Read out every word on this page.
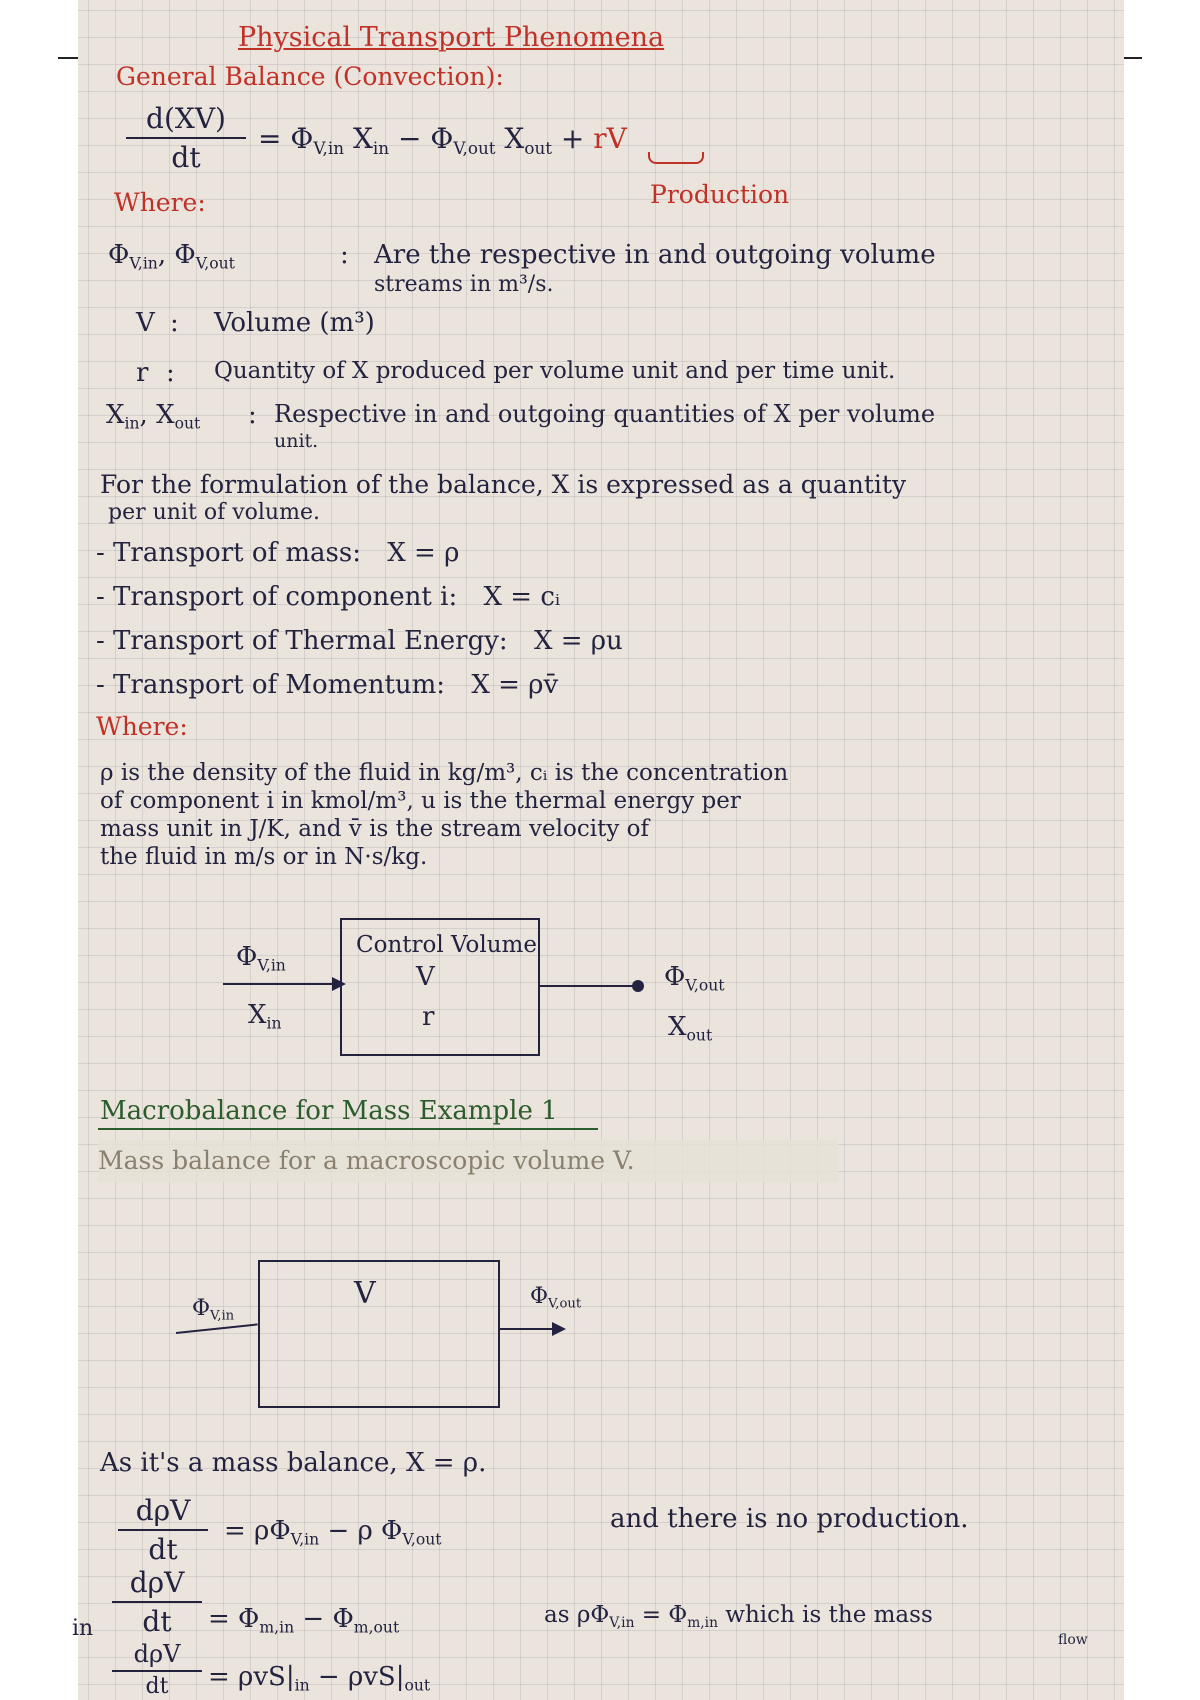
Physical Transport Phenomena
General Balance (Convection):
d(XV)
dt
= $\Phi_{V,in}$ $X_{in} - \Phi_{V,out}$ $X_{out}$ + rV
Production
Where:
$\Phi_{V,in}$, $\Phi_{V,out}$	: Are the respective in and outgoing volume
streams in m³/s.
V : Volume (m³)
r : Quantity of X produced per volume unit and per time unit.
$X_{in}$, $X_{out}$ : Respective in and outgoing quantities of X per volume
unit.
For the formulation of the balance, X is expressed as a quantity
per unit of volume.
- Transport of mass: X = ρ
- Transport of component i: X = cᵢ
- Transport of Thermal Energy: X = ρu
- Transport of Momentum: X = ρv̄
Where:
ρ is the density of the fluid in kg/m³, cᵢ is the concentration
of component i in kmol/m³, u is the thermal energy per
mass unit in J/K, and v̄ is the stream velocity of
the fluid in m/s or in N·s/kg.
$\Phi_{V,in}$
$X_{in}$
Control Volume
V
r
$\Phi_{V,out}$
$X_{out}$
Macrobalance for Mass Example 1
Mass balance for a macroscopic volume V.
V
$\Phi_{V,in}$
$\Phi_{V,out}$
As it's a mass balance, X = ρ.
dρV
dt
= $\rho\Phi_{V,in} - \rho$ $\Phi_{V,out}$
and there is no production.
in
dρV
dt	= $\Phi_{m,in} - \Phi_{m,out}$	as $\rho\Phi_{V,in} = \Phi_{m,in}$ which is the mass
flow
dρV
dt	= $\rho vS|_{in} - \rho vS|_{out}$
